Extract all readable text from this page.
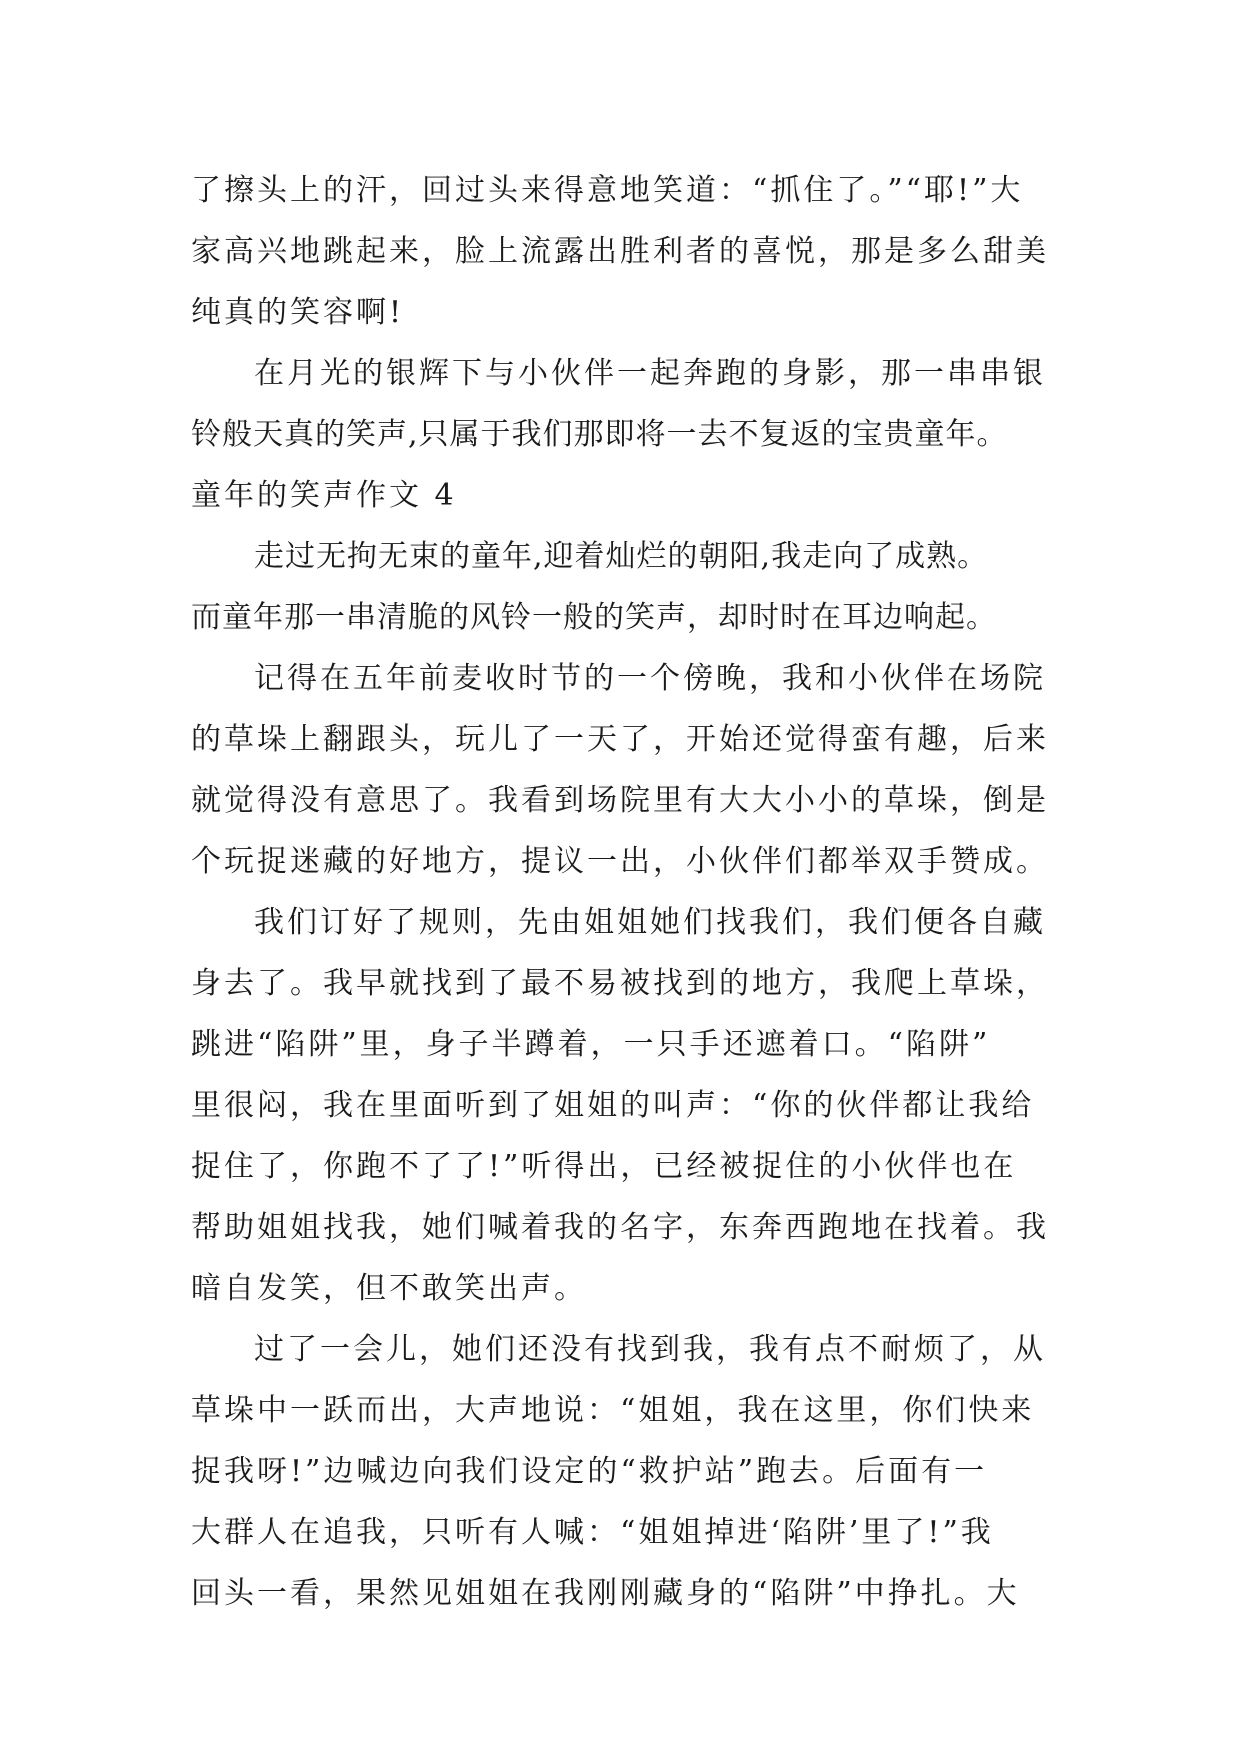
了擦头上的汗，回过头来得意地笑道：“抓住了。”“耶!”大
家高兴地跳起来，脸上流露出胜利者的喜悦，那是多么甜美
纯真的笑容啊!
在月光的银辉下与小伙伴一起奔跑的身影，那一串串银
铃般天真的笑声,只属于我们那即将一去不复返的宝贵童年。
童年的笑声作文 4
走过无拘无束的童年,迎着灿烂的朝阳,我走向了成熟。
而童年那一串清脆的风铃一般的笑声，却时时在耳边响起。
记得在五年前麦收时节的一个傍晚，我和小伙伴在场院
的草垛上翻跟头，玩儿了一天了，开始还觉得蛮有趣，后来
就觉得没有意思了。我看到场院里有大大小小的草垛，倒是
个玩捉迷藏的好地方，提议一出，小伙伴们都举双手赞成。
我们订好了规则，先由姐姐她们找我们，我们便各自藏
身去了。我早就找到了最不易被找到的地方，我爬上草垛，
跳进“陷阱”里，身子半蹲着，一只手还遮着口。“陷阱”
里很闷，我在里面听到了姐姐的叫声：“你的伙伴都让我给
捉住了，你跑不了了!”听得出，已经被捉住的小伙伴也在
帮助姐姐找我，她们喊着我的名字，东奔西跑地在找着。我
暗自发笑，但不敢笑出声。
过了一会儿，她们还没有找到我，我有点不耐烦了，从
草垛中一跃而出，大声地说：“姐姐，我在这里，你们快来
捉我呀!”边喊边向我们设定的“救护站”跑去。后面有一
大群人在追我，只听有人喊：“姐姐掉进‘陷阱’里了!”我
回头一看，果然见姐姐在我刚刚藏身的“陷阱”中挣扎。大
